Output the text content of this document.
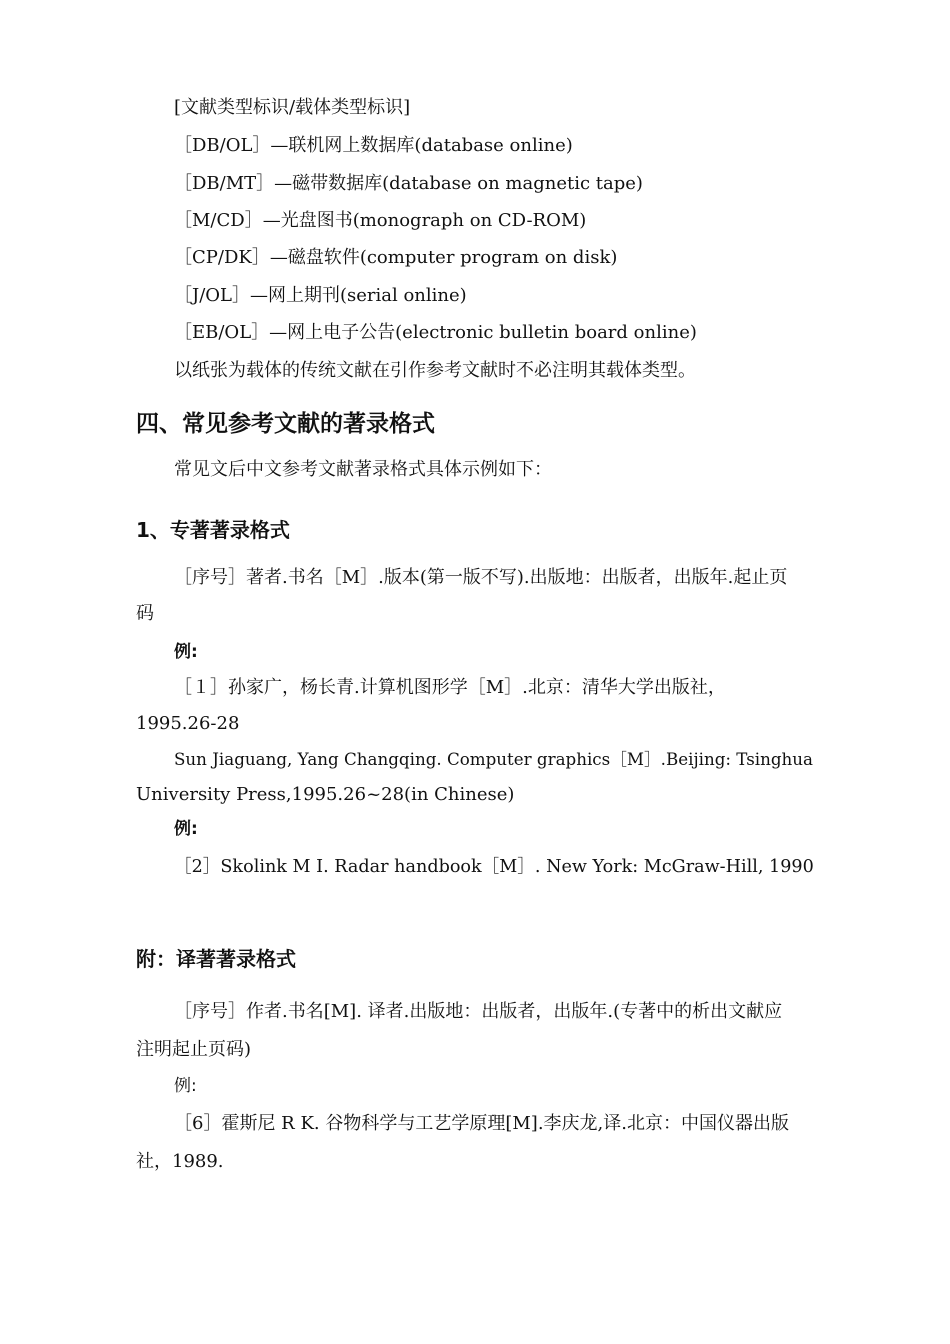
[文献类型标识/载体类型标识]
［DB/OL］—联机网上数据库(database online)
［DB/MT］—磁带数据库(database on magnetic tape)
［M/CD］—光盘图书(monograph on CD-ROM)
［CP/DK］—磁盘软件(computer program on disk)
［J/OL］—网上期刊(serial online)
［EB/OL］—网上电子公告(electronic bulletin board online)
以纸张为载体的传统文献在引作参考文献时不必注明其载体类型。
四、常见参考文献的著录格式
常见文后中文参考文献著录格式具体示例如下：
1、专著著录格式
［序号］著者.书名［M］.版本(第一版不写).出版地：出版者，出版年.起止页
码
例:
［１］孙家广，杨长青.计算机图形学［M］.北京：清华大学出版社，
1995.26-28
Sun Jiaguang, Yang Changqing. Computer graphics［M］.Beijing: Tsinghua
University Press,1995.26~28(in Chinese)
例:
［2］Skolink M I. Radar handbook［M］. New York: McGraw-Hill, 1990
附：译著著录格式
［序号］作者.书名[M]. 译者.出版地：出版者，出版年.(专著中的析出文献应
注明起止页码)
例:
［6］霍斯尼 R K. 谷物科学与工艺学原理[M].李庆龙,译.北京：中国仪器出版
社，1989.
